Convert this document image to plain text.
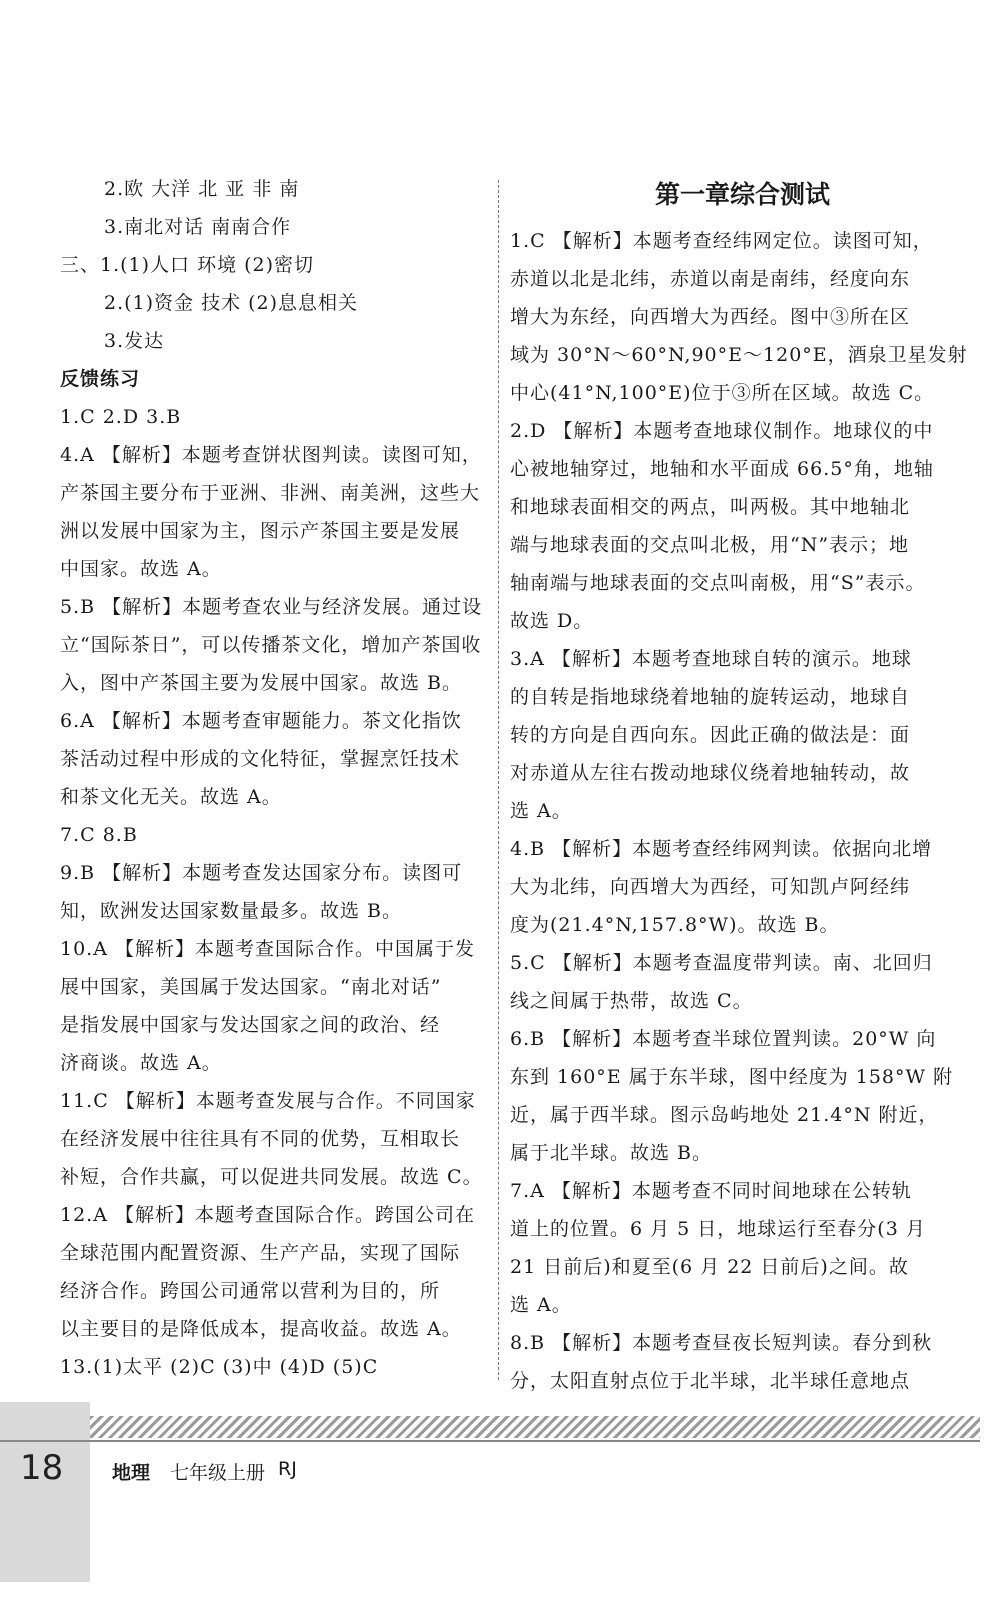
2.欧 大洋 北 亚 非 南
3.南北对话 南南合作
三、1.(1)人口 环境 (2)密切
2.(1)资金 技术 (2)息息相关
3.发达
反馈练习
1.C 2.D 3.B
4.A 【解析】本题考查饼状图判读。读图可知，
产茶国主要分布于亚洲、非洲、南美洲，这些大
洲以发展中国家为主，图示产茶国主要是发展
中国家。故选 A。
5.B 【解析】本题考查农业与经济发展。通过设
立“国际茶日”，可以传播茶文化，增加产茶国收
入，图中产茶国主要为发展中国家。故选 B。
6.A 【解析】本题考查审题能力。茶文化指饮
茶活动过程中形成的文化特征，掌握烹饪技术
和茶文化无关。故选 A。
7.C 8.B
9.B 【解析】本题考查发达国家分布。读图可
知，欧洲发达国家数量最多。故选 B。
10.A 【解析】本题考查国际合作。中国属于发
展中国家，美国属于发达国家。“南北对话”
是指发展中国家与发达国家之间的政治、经
济商谈。故选 A。
11.C 【解析】本题考查发展与合作。不同国家
在经济发展中往往具有不同的优势，互相取长
补短，合作共赢，可以促进共同发展。故选 C。
12.A 【解析】本题考查国际合作。跨国公司在
全球范围内配置资源、生产产品，实现了国际
经济合作。跨国公司通常以营利为目的，所
以主要目的是降低成本，提高收益。故选 A。
13.(1)太平 (2)C (3)中 (4)D (5)C
第一章综合测试
1.C 【解析】本题考查经纬网定位。读图可知，
赤道以北是北纬，赤道以南是南纬，经度向东
增大为东经，向西增大为西经。图中③所在区
域为 30°N～60°N,90°E～120°E，酒泉卫星发射
中心(41°N,100°E)位于③所在区域。故选 C。
2.D 【解析】本题考查地球仪制作。地球仪的中
心被地轴穿过，地轴和水平面成 66.5°角，地轴
和地球表面相交的两点，叫两极。其中地轴北
端与地球表面的交点叫北极，用“N”表示；地
轴南端与地球表面的交点叫南极，用“S”表示。
故选 D。
3.A 【解析】本题考查地球自转的演示。地球
的自转是指地球绕着地轴的旋转运动，地球自
转的方向是自西向东。因此正确的做法是：面
对赤道从左往右拨动地球仪绕着地轴转动，故
选 A。
4.B 【解析】本题考查经纬网判读。依据向北增
大为北纬，向西增大为西经，可知凯卢阿经纬
度为(21.4°N,157.8°W)。故选 B。
5.C 【解析】本题考查温度带判读。南、北回归
线之间属于热带，故选 C。
6.B 【解析】本题考查半球位置判读。20°W 向
东到 160°E 属于东半球，图中经度为 158°W 附
近，属于西半球。图示岛屿地处 21.4°N 附近，
属于北半球。故选 B。
7.A 【解析】本题考查不同时间地球在公转轨
道上的位置。6 月 5 日，地球运行至春分(3 月
21 日前后)和夏至(6 月 22 日前后)之间。故
选 A。
8.B 【解析】本题考查昼夜长短判读。春分到秋
分，太阳直射点位于北半球，北半球任意地点
18	地理 七年级上册 RJ
